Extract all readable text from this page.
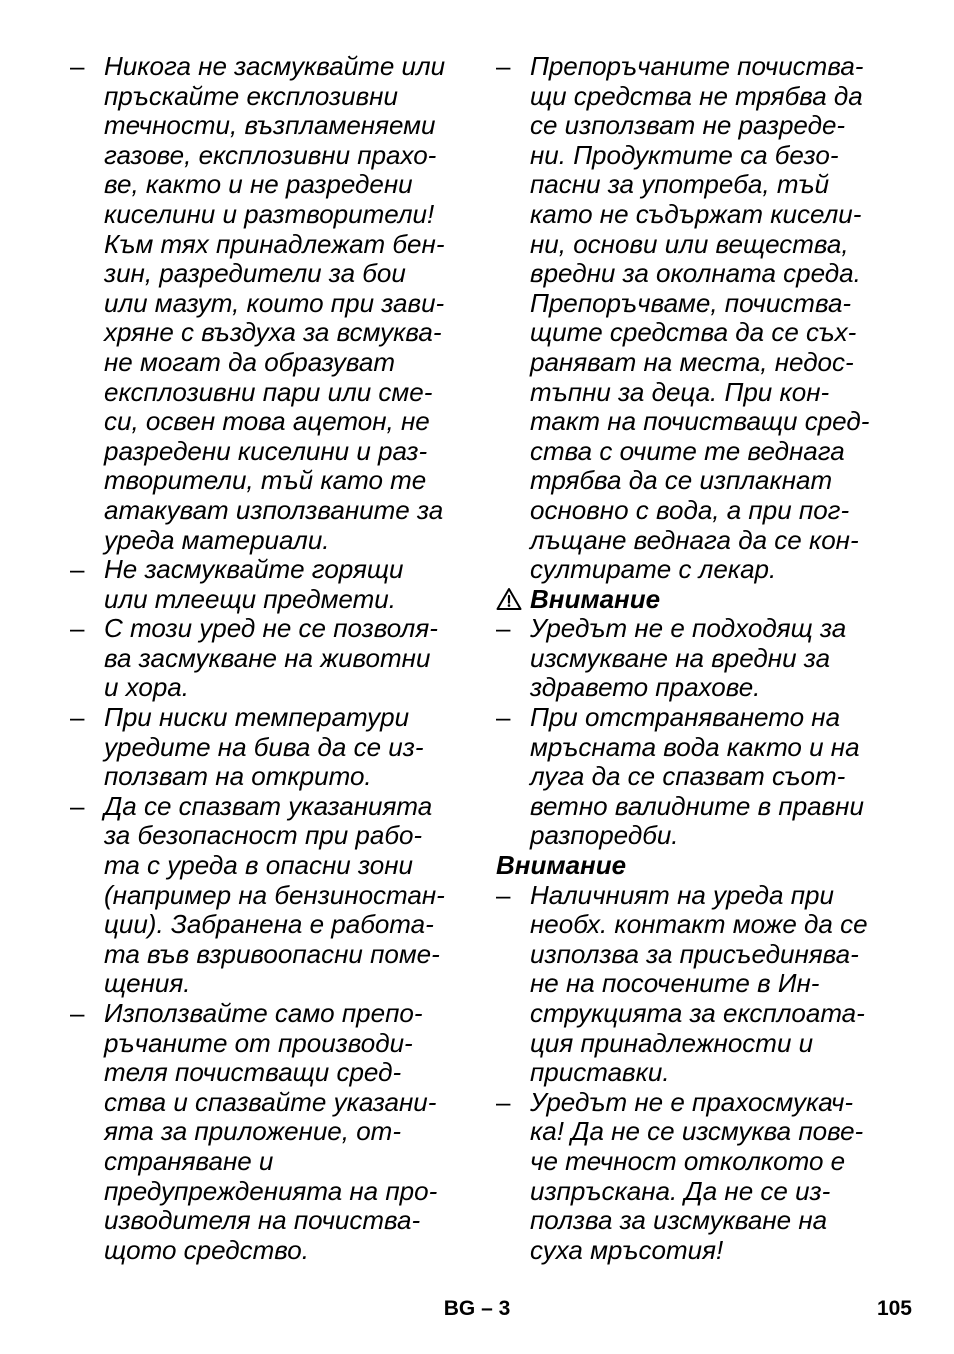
– Никога не засмуквайте или
пръскайте експлозивни
течности, възпламеняеми
газове, експлозивни прахо-
ве, както и не разредени
киселини и разтворители!
Към тях принадлежат бен-
зин, разредители за бои
или мазут, които при зави-
хряне с въздуха за всмуква-
не могат да образуват
експлозивни пари или сме-
си, освен това ацетон, не
разредени киселини и раз-
творители, тъй като те
атакуват използваните за
уреда материали.
– Не засмуквайте горящи
или тлеещи предмети.
– С този уред не се позволя-
ва засмукване на животни
и хора.
– При ниски температури
уредите на бива да се из-
ползват на открито.
– Да се спазват указанията
за безопасност при рабо-
та с уреда в опасни зони
(например на бензиностан-
ции). Забранена е работа-
та във взривоопасни поме-
щения.
– Използвайте само препо-
ръчаните от производи-
теля почистващи сред-
ства и спазвайте указани-
ята за приложение, от-
страняване и
предупрежденията на про-
изводителя на почиства-
щото средство.
– Препоръчаните почиства-
щи средства не трябва да
се използват не разреде-
ни. Продуктите са безо-
пасни за употреба, тъй
като не съдържат кисели-
ни, основи или вещества,
вредни за околната среда.
Препоръчваме, почиства-
щите средства да се съх-
раняват на места, недос-
тъпни за деца. При кон-
такт на почистващи сред-
ства с очите те веднага
трябва да се изплакнат
основно с вода, а при пог-
лъщане веднага да се кон-
султирате с лекар.
Внимание
– Уредът не е подходящ за
изсмукване на вредни за
здравето прахове.
– При отстраняването на
мръсната вода както и на
луга да се спазват съот-
ветно валидните в правни
разпоредби.
Внимание
– Наличният на уреда при
необх. контакт може да се
използва за присъединява-
не на посочените в Ин-
струкцията за експлоата-
ция принадлежности и
приставки.
– Уредът не е прахосмукач-
ка! Да не се изсмуква пове-
че течност отколкото е
изпръскана. Да не се из-
ползва за изсмукване на
суха мръсотия!
BG – 3	105
